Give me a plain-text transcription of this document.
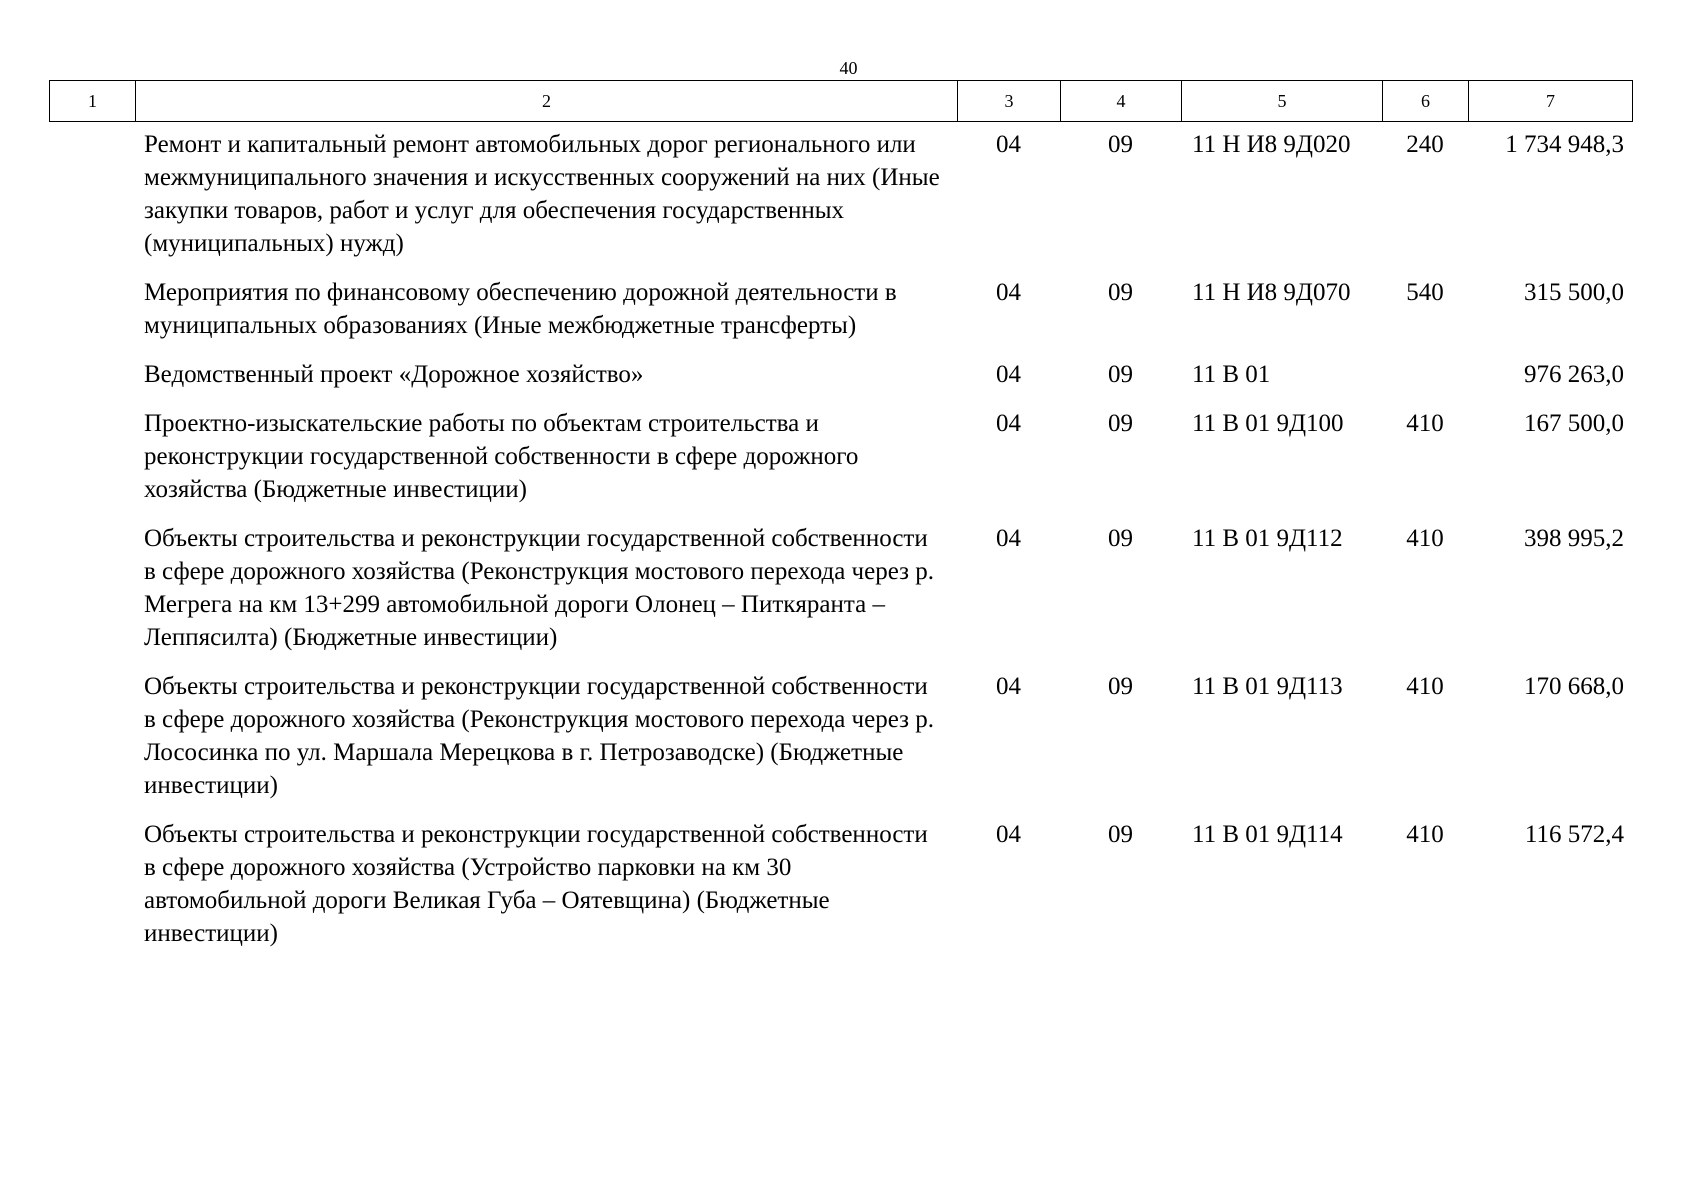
40
1	2	3	4	5	6	7
	Ремонт и капитальный ремонт автомобильных дорог регионального или межмуниципального значения и искусственных сооружений на них (Иные закупки товаров, работ и услуг для обеспечения государственных (муниципальных) нужд)	04	09	11 Н И8 9Д020	240	1 734 948,3
	Мероприятия по финансовому обеспечению дорожной деятельности в муниципальных образованиях (Иные межбюджетные трансферты)	04	09	11 Н И8 9Д070	540	315 500,0
	Ведомственный проект «Дорожное хозяйство»	04	09	11 В 01		976 263,0
	Проектно-изыскательские работы по объектам строительства и реконструкции государственной собственности в сфере дорожного хозяйства (Бюджетные инвестиции)	04	09	11 В 01 9Д100	410	167 500,0
	Объекты строительства и реконструкции государственной собственности в сфере дорожного хозяйства (Реконструкция мостового перехода через р. Мегрега на км 13+299 автомобильной дороги Олонец – Питкяранта – Леппясилта) (Бюджетные инвестиции)	04	09	11 В 01 9Д112	410	398 995,2
	Объекты строительства и реконструкции государственной собственности в сфере дорожного хозяйства (Реконструкция мостового перехода через р. Лососинка по ул. Маршала Мерецкова в г. Петрозаводске) (Бюджетные инвестиции)	04	09	11 В 01 9Д113	410	170 668,0
	Объекты строительства и реконструкции государственной собственности в сфере дорожного хозяйства (Устройство парковки на км 30 автомобильной дороги Великая Губа – Оятевщина) (Бюджетные инвестиции)	04	09	11 В 01 9Д114	410	116 572,4
